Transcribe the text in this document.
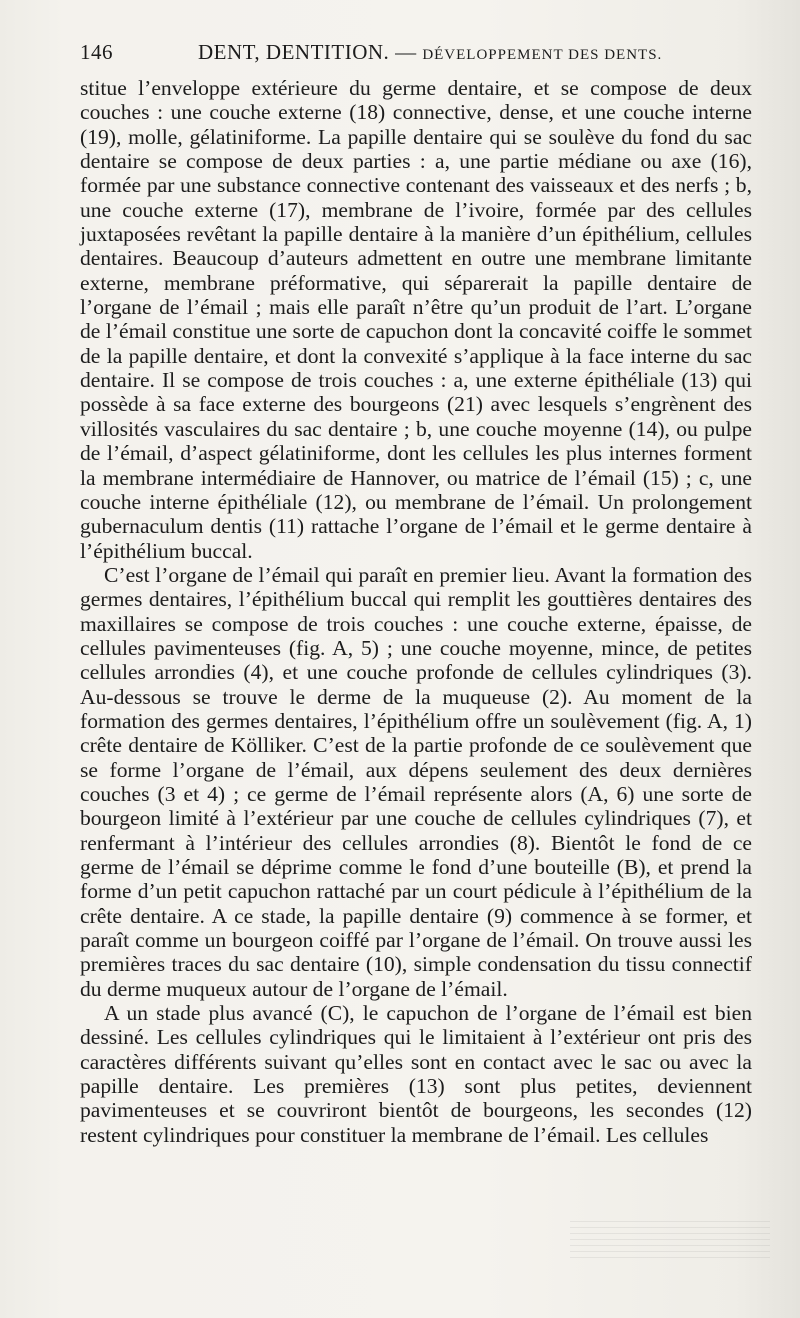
146	DENT, DENTITION. — DÉVELOPPEMENT DES DENTS.

stitue l’enveloppe extérieure du germe dentaire, et se compose de deux couches : une couche externe (18) connective, dense, et une couche interne (19), molle, gélatiniforme. La papille dentaire qui se soulève du fond du sac dentaire se compose de deux parties : a, une partie médiane ou axe (16), formée par une substance connective contenant des vaisseaux et des nerfs ; b, une couche externe (17), membrane de l’ivoire, formée par des cellules juxtaposées revêtant la papille dentaire à la manière d’un épithélium, cellules dentaires. Beaucoup d’auteurs admettent en outre une membrane limitante externe, membrane préformative, qui séparerait la papille dentaire de l’organe de l’émail ; mais elle paraît n’être qu’un produit de l’art. L’organe de l’émail constitue une sorte de capuchon dont la concavité coiffe le sommet de la papille dentaire, et dont la convexité s’applique à la face interne du sac dentaire. Il se compose de trois couches : a, une externe épithéliale (13) qui possède à sa face externe des bourgeons (21) avec lesquels s’engrènent des villosités vasculaires du sac dentaire ; b, une couche moyenne (14), ou pulpe de l’émail, d’aspect gélatiniforme, dont les cellules les plus internes forment la membrane intermédiaire de Hannover, ou matrice de l’émail (15) ; c, une couche interne épithéliale (12), ou membrane de l’émail. Un prolongement gubernaculum dentis (11) rattache l’organe de l’émail et le germe dentaire à l’épithélium buccal.

C’est l’organe de l’émail qui paraît en premier lieu. Avant la formation des germes dentaires, l’épithélium buccal qui remplit les gouttières dentaires des maxillaires se compose de trois couches : une couche externe, épaisse, de cellules pavimenteuses (fig. A, 5) ; une couche moyenne, mince, de petites cellules arrondies (4), et une couche profonde de cellules cylindriques (3). Au-dessous se trouve le derme de la muqueuse (2). Au moment de la formation des germes dentaires, l’épithélium offre un soulèvement (fig. A, 1) crête dentaire de Kölliker. C’est de la partie profonde de ce soulèvement que se forme l’organe de l’émail, aux dépens seulement des deux dernières couches (3 et 4) ; ce germe de l’émail représente alors (A, 6) une sorte de bourgeon limité à l’extérieur par une couche de cellules cylindriques (7), et renfermant à l’intérieur des cellules arrondies (8). Bientôt le fond de ce germe de l’émail se déprime comme le fond d’une bouteille (B), et prend la forme d’un petit capuchon rattaché par un court pédicule à l’épithélium de la crête dentaire. A ce stade, la papille dentaire (9) commence à se former, et paraît comme un bourgeon coiffé par l’organe de l’émail. On trouve aussi les premières traces du sac dentaire (10), simple condensation du tissu connectif du derme muqueux autour de l’organe de l’émail.

A un stade plus avancé (C), le capuchon de l’organe de l’émail est bien dessiné. Les cellules cylindriques qui le limitaient à l’extérieur ont pris des caractères différents suivant qu’elles sont en contact avec le sac ou avec la papille dentaire. Les premières (13) sont plus petites, deviennent pavimenteuses et se couvriront bientôt de bourgeons, les secondes (12) restent cylindriques pour constituer la membrane de l’émail. Les cellules
